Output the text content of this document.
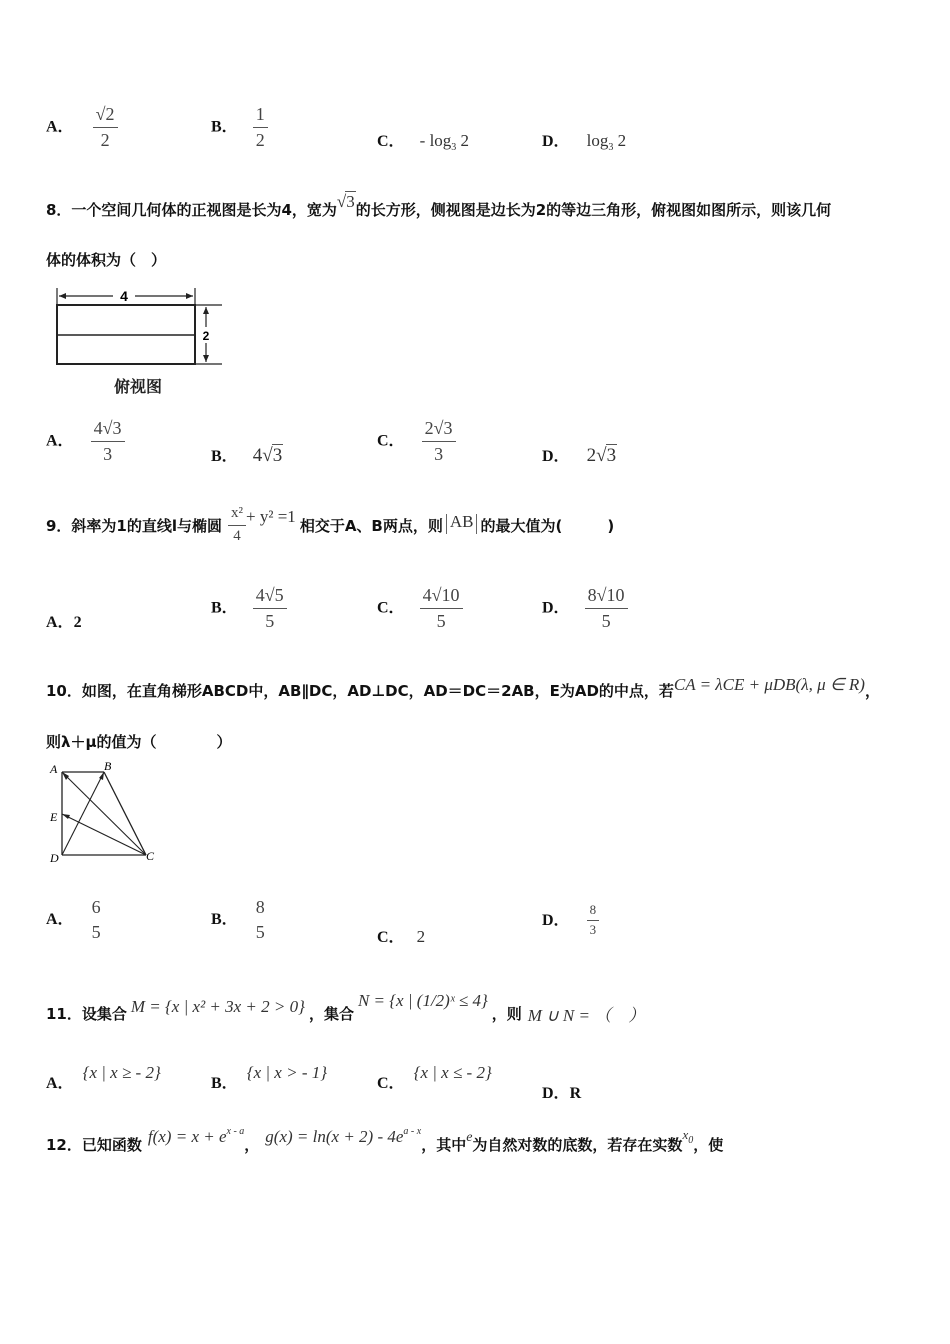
A． $\frac{√2}{2}$	B． $\frac{1}{2}$	C． - $\log_3 2$	D． $\log_3 2$
8．一个空间几何体的正视图是长为4，宽为√3的长方形，侧视图是边长为2的等边三角形，俯视图如图所示，则该几何
体的体积为（　）
4
2
俯视图
A． $\frac{4√3}{3}$	B． 4√3
C． $\frac{2√3}{3}$	D． 2√3
9．斜率为1的直线l与椭圆 $\frac{\text{x²}}{4} + y^2 =1$ 相交于A、B两点，则 AB 的最大值为(　　　)
A．2
B． $\frac{4√5}{5}$	C． $\frac{4√10}{5}$	D． $\frac{8√10}{5}$
10．如图，在直角梯形ABCD中，AB∥DC，AD⊥DC，AD＝DC＝2AB，E为AD的中点，若CA = λCE + μDB(λ, μ ∈ R)，
则λ＋μ的值为（　　　　）
A	B
E
D	C
A．
6
5
B．
8
5	C． 2
D． $\frac{8}{3}$
11．设集合 M = {x | x² + 3x + 2 > 0} ，集合
N = {x | (1/2)ˣ ≤ 4}
，则 M ∪ N = （　）
A． {x | x ≥ - 2}
B． {x | x > - 1}
C． {x | x ≤ - 2}
D．R
12．已知函数 $f(x) = x + e^{x - a}$
， $g(x) = \ln(x + 2) - 4e^{a - x}$
，其中 e 为自然对数的底数，若存在实数
$x_0$ ，使
